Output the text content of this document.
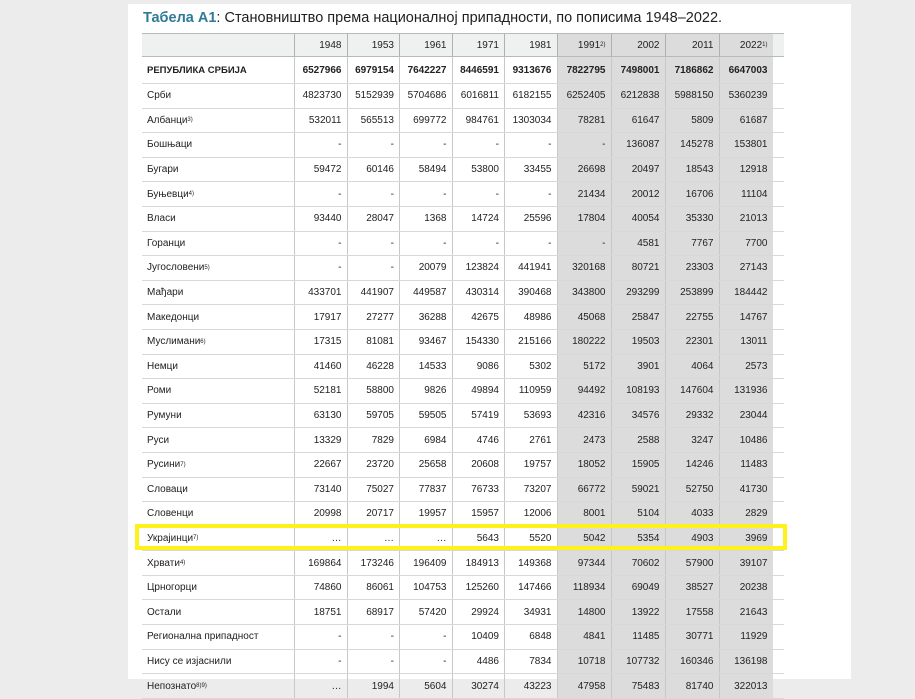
Табела А1: Становништво према националној припадности, по пописима 1948–2022.
1948	1953	1961	1971	1981	1991 2)	2002	2011	2022 1)
РЕПУБЛИКА СРБИЈА	6527966	6979154	7642227	8446591	9313676	7822795	7498001	7186862	6647003
Срби	4823730	5152939	5704686	6016811	6182155	6252405	6212838	5988150	5360239
Албанци 3)	532011	565513	699772	984761	1303034	78281	61647	5809	61687
Бошњаци	-	-	-	-	-	-	136087	145278	153801
Бугари	59472	60146	58494	53800	33455	26698	20497	18543	12918
Буњевци 4)	-	-	-	-	-	21434	20012	16706	11104
Власи	93440	28047	1368	14724	25596	17804	40054	35330	21013
Горанци	-	-	-	-	-	-	4581	7767	7700
Југословени 5)	-	-	20079	123824	441941	320168	80721	23303	27143
Мађари	433701	441907	449587	430314	390468	343800	293299	253899	184442
Македонци	17917	27277	36288	42675	48986	45068	25847	22755	14767
Муслимани 6)	17315	81081	93467	154330	215166	180222	19503	22301	13011
Немци	41460	46228	14533	9086	5302	5172	3901	4064	2573
Роми	52181	58800	9826	49894	110959	94492	108193	147604	131936
Румуни	63130	59705	59505	57419	53693	42316	34576	29332	23044
Руси	13329	7829	6984	4746	2761	2473	2588	3247	10486
Русини 7)	22667	23720	25658	20608	19757	18052	15905	14246	11483
Словаци	73140	75027	77837	76733	73207	66772	59021	52750	41730
Словенци	20998	20717	19957	15957	12006	8001	5104	4033	2829
Украјинци 7)	…	…	…	5643	5520	5042	5354	4903	3969
Хрвати 4)	169864	173246	196409	184913	149368	97344	70602	57900	39107
Црногорци	74860	86061	104753	125260	147466	118934	69049	38527	20238
Остали	18751	68917	57420	29924	34931	14800	13922	17558	21643
Регионална припадност	-	-	-	10409	6848	4841	11485	30771	11929
Нису се изјаснили	-	-	-	4486	7834	10718	107732	160346	136198
Непознато 8)9)	…	1994	5604	30274	43223	47958	75483	81740	322013
